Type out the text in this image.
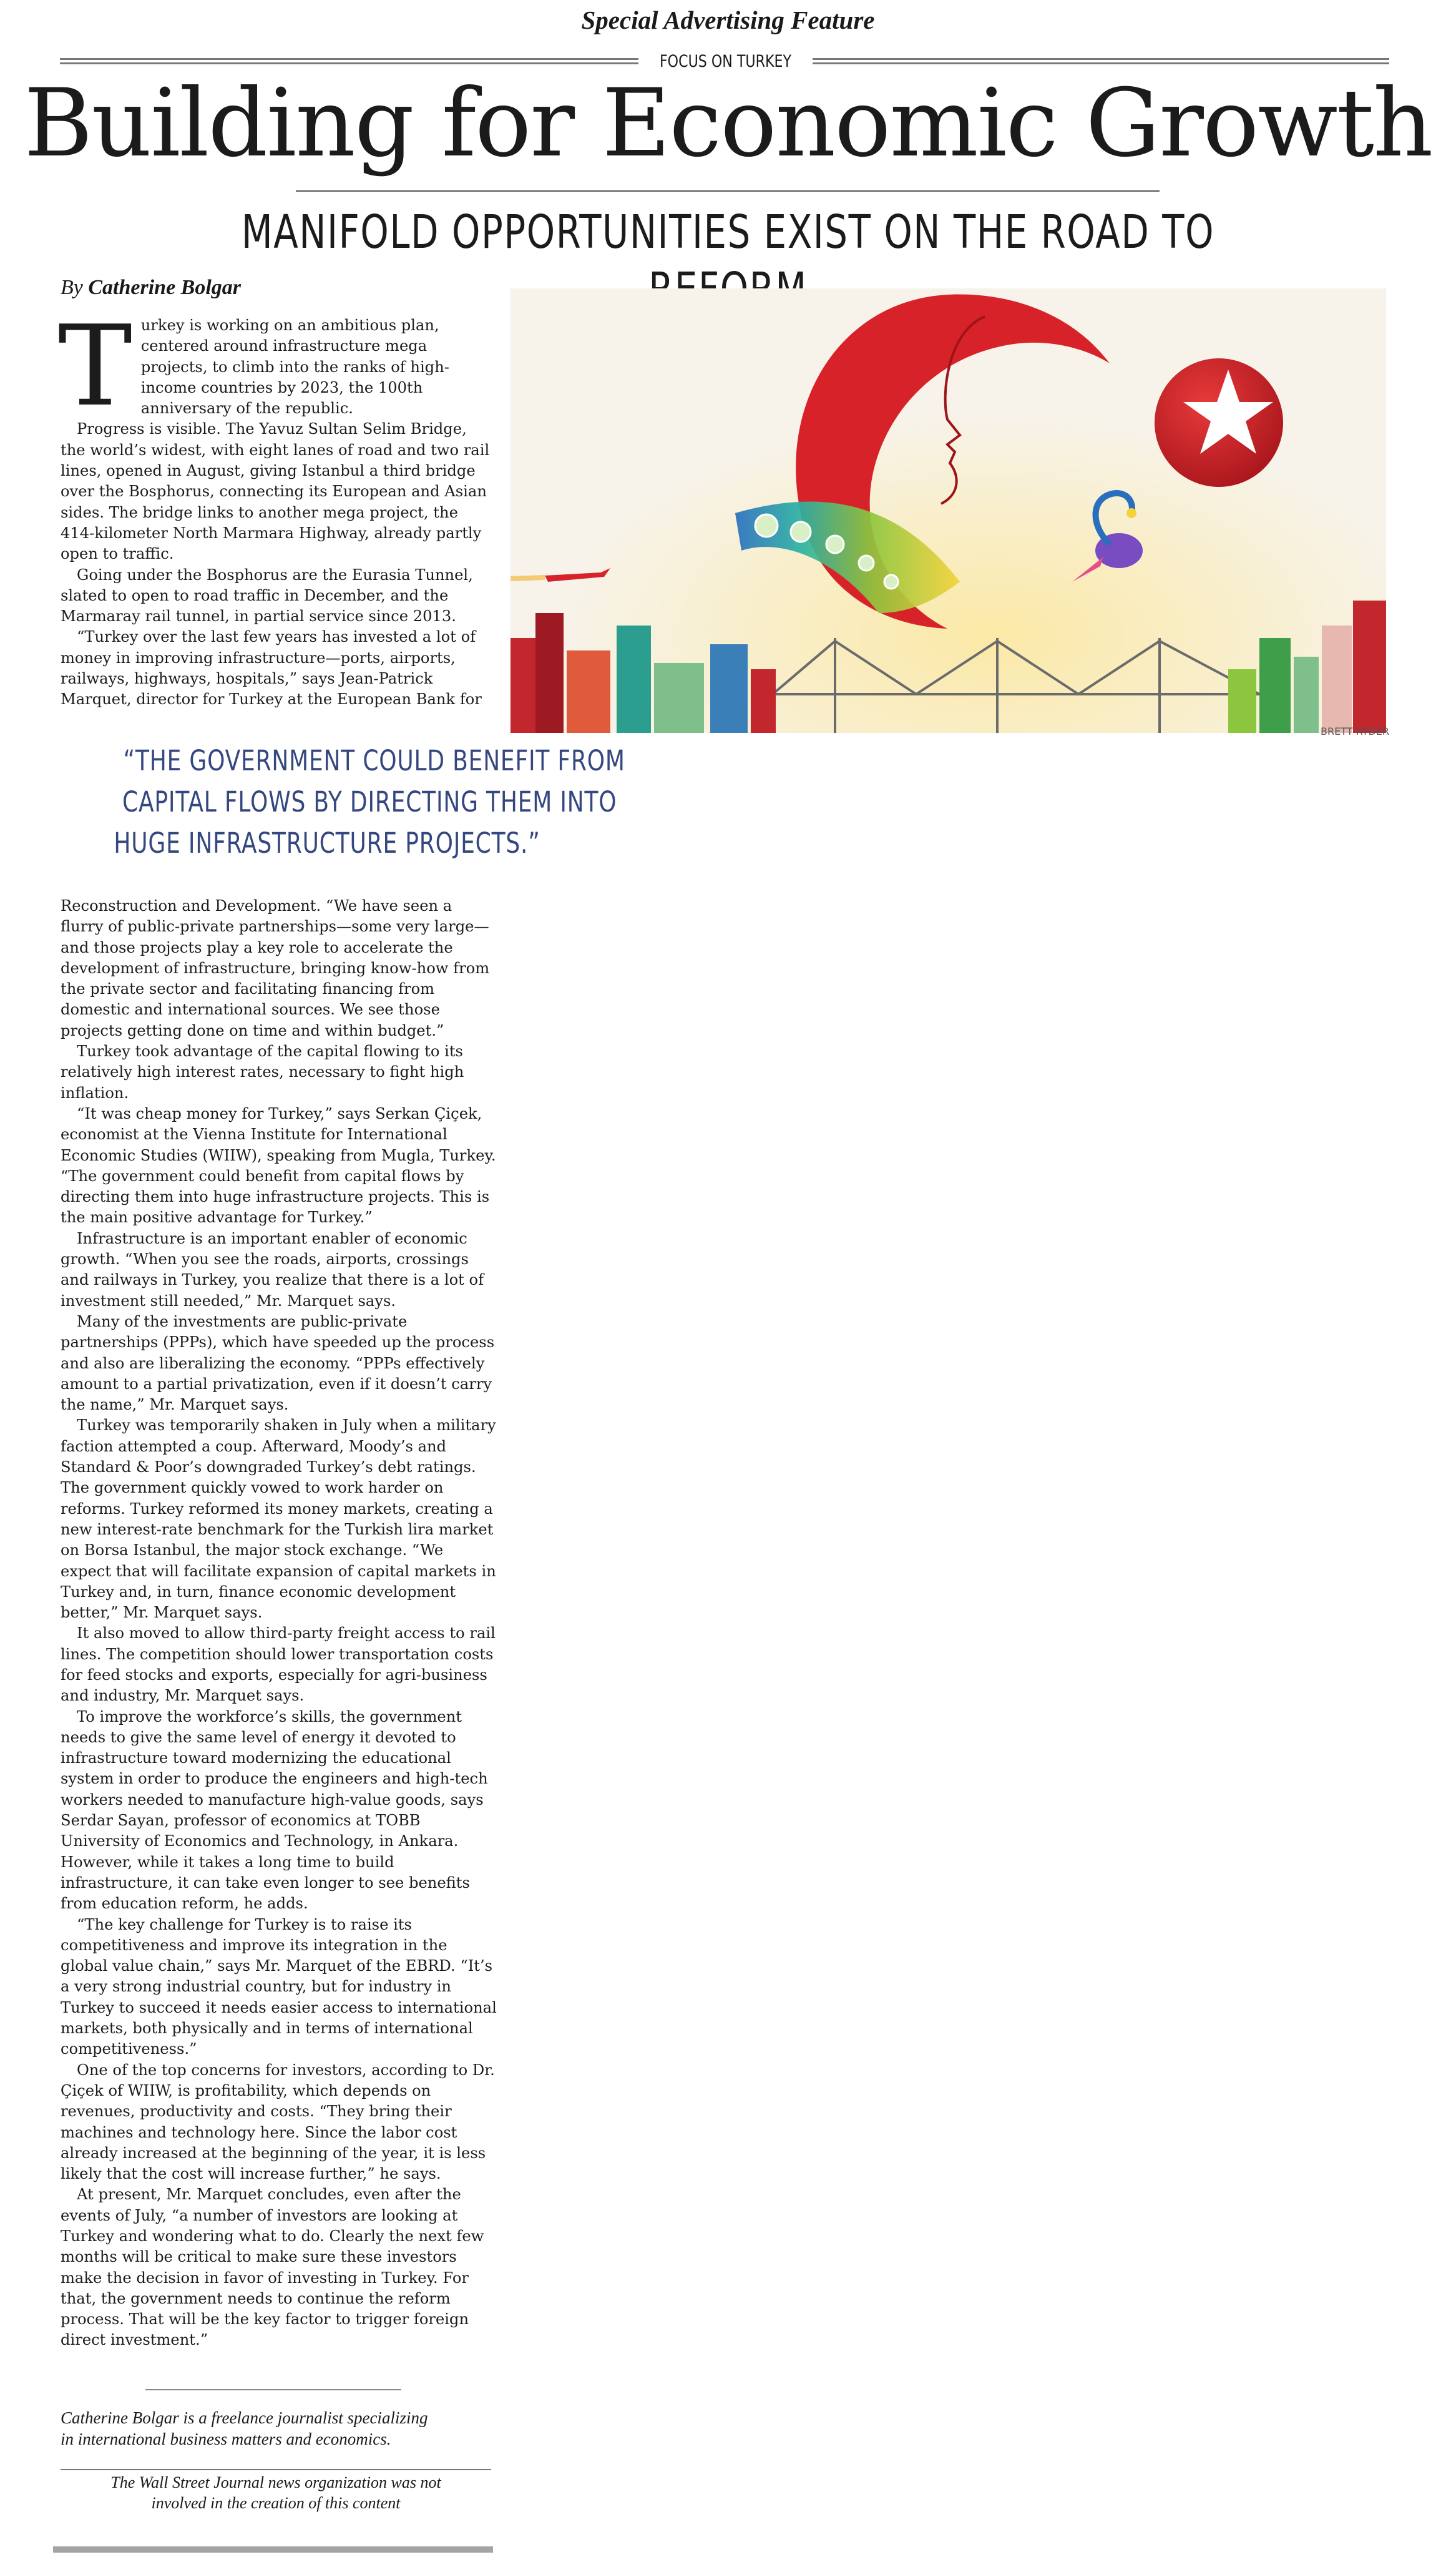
Special Advertising Feature
FOCUS ON TURKEY
Building for Economic Growth
MANIFOLD OPPORTUNITIES EXIST ON THE ROAD TO
By Catherine Bolgar
T urkey is working on an ambitious plan, centered around infrastructure mega projects, to climb into the ranks of high-income countries by 2023, the 100th anniversary of the republic.

Progress is visible. The Yavuz Sultan Selim Bridge, the world’s widest, with eight lanes of road and two rail lines, opened in August, giving Istanbul a third bridge over the Bosphorus, connecting its European and Asian sides. The bridge links to another mega project, the 414-kilometer North Marmara Highway, already partly open to traffic.

Going under the Bosphorus are the Eurasia Tunnel, slated to open to road traffic in December, and the Marmaray rail tunnel, in partial service since 2013.

“Turkey over the last few years has invested a lot of money in improving infrastructure—ports, airports, railways, highways, hospitals,” says Jean-Patrick Marquet, director for Turkey at the European Bank for

“THE GOVERNMENT COULD BENEFIT FROM
CAPITAL FLOWS BY DIRECTING THEM INTO
HUGE INFRASTRUCTURE PROJECTS.”

Reconstruction and Development. “We have seen a flurry of public-private partnerships—some very large—and those projects play a key role to accelerate the development of infrastructure, bringing know-how from the private sector and facilitating financing from domestic and international sources. We see those projects getting done on time and within budget.”

Turkey took advantage of the capital flowing to its relatively high interest rates, necessary to fight high inflation.

“It was cheap money for Turkey,” says Serkan Çiçek, economist at the Vienna Institute for International Economic Studies (WIIW), speaking from Mugla, Turkey. “The government could benefit from capital flows by directing them into huge infrastructure projects. This is the main positive advantage for Turkey.”

Infrastructure is an important enabler of economic growth. “When you see the roads, airports, crossings and railways in Turkey, you realize that there is a lot of investment still needed,” Mr. Marquet says.

Many of the investments are public-private partnerships (PPPs), which have speeded up the process and also are liberalizing the economy. “PPPs effectively amount to a partial privatization, even if it doesn’t carry the name,” Mr. Marquet says.

Turkey was temporarily shaken in July when a military faction attempted a coup. Afterward, Moody’s and Standard & Poor’s downgraded Turkey’s debt ratings. The government quickly vowed to work harder on reforms. Turkey reformed its money markets, creating a new interest-rate benchmark for the Turkish lira market on Borsa Istanbul, the major stock exchange. “We expect that will facilitate expansion of capital markets in Turkey and, in turn, finance economic development better,” Mr. Marquet says.

It also moved to allow third-party freight access to rail lines. The competition should lower transportation costs for feed stocks and exports, especially for agri-business and industry, Mr. Marquet says.

To improve the workforce’s skills, the government needs to give the same level of energy it devoted to infrastructure toward modernizing the educational system in order to produce the engineers and high-tech workers needed to manufacture high-value goods, says Serdar Sayan, professor of economics at TOBB University of Economics and Technology, in Ankara. However, while it takes a long time to build infrastructure, it can take even longer to see benefits from education reform, he adds.

“The key challenge for Turkey is to raise its competitiveness and improve its integration in the global value chain,” says Mr. Marquet of the EBRD. “It’s a very strong industrial country, but for industry in Turkey to succeed it needs easier access to international markets, both physically and in terms of international competitiveness.”

One of the top concerns for investors, according to Dr. Çiçek of WIIW, is profitability, which depends on revenues, productivity and costs. “They bring their machines and technology here. Since the labor cost already increased at the beginning of the year, it is less likely that the cost will increase further,” he says.

At present, Mr. Marquet concludes, even after the events of July, “a number of investors are looking at Turkey and wondering what to do. Clearly the next few months will be critical to make sure these investors make the decision in favor of investing in Turkey. For that, the government needs to continue the reform process. That will be the key factor to trigger foreign direct investment.”

BRETT RYDER

Catherine Bolgar is a freelance journalist specializing

in international business matters and economics.

The Wall Street Journal news organization was not

involved in the creation of this content
